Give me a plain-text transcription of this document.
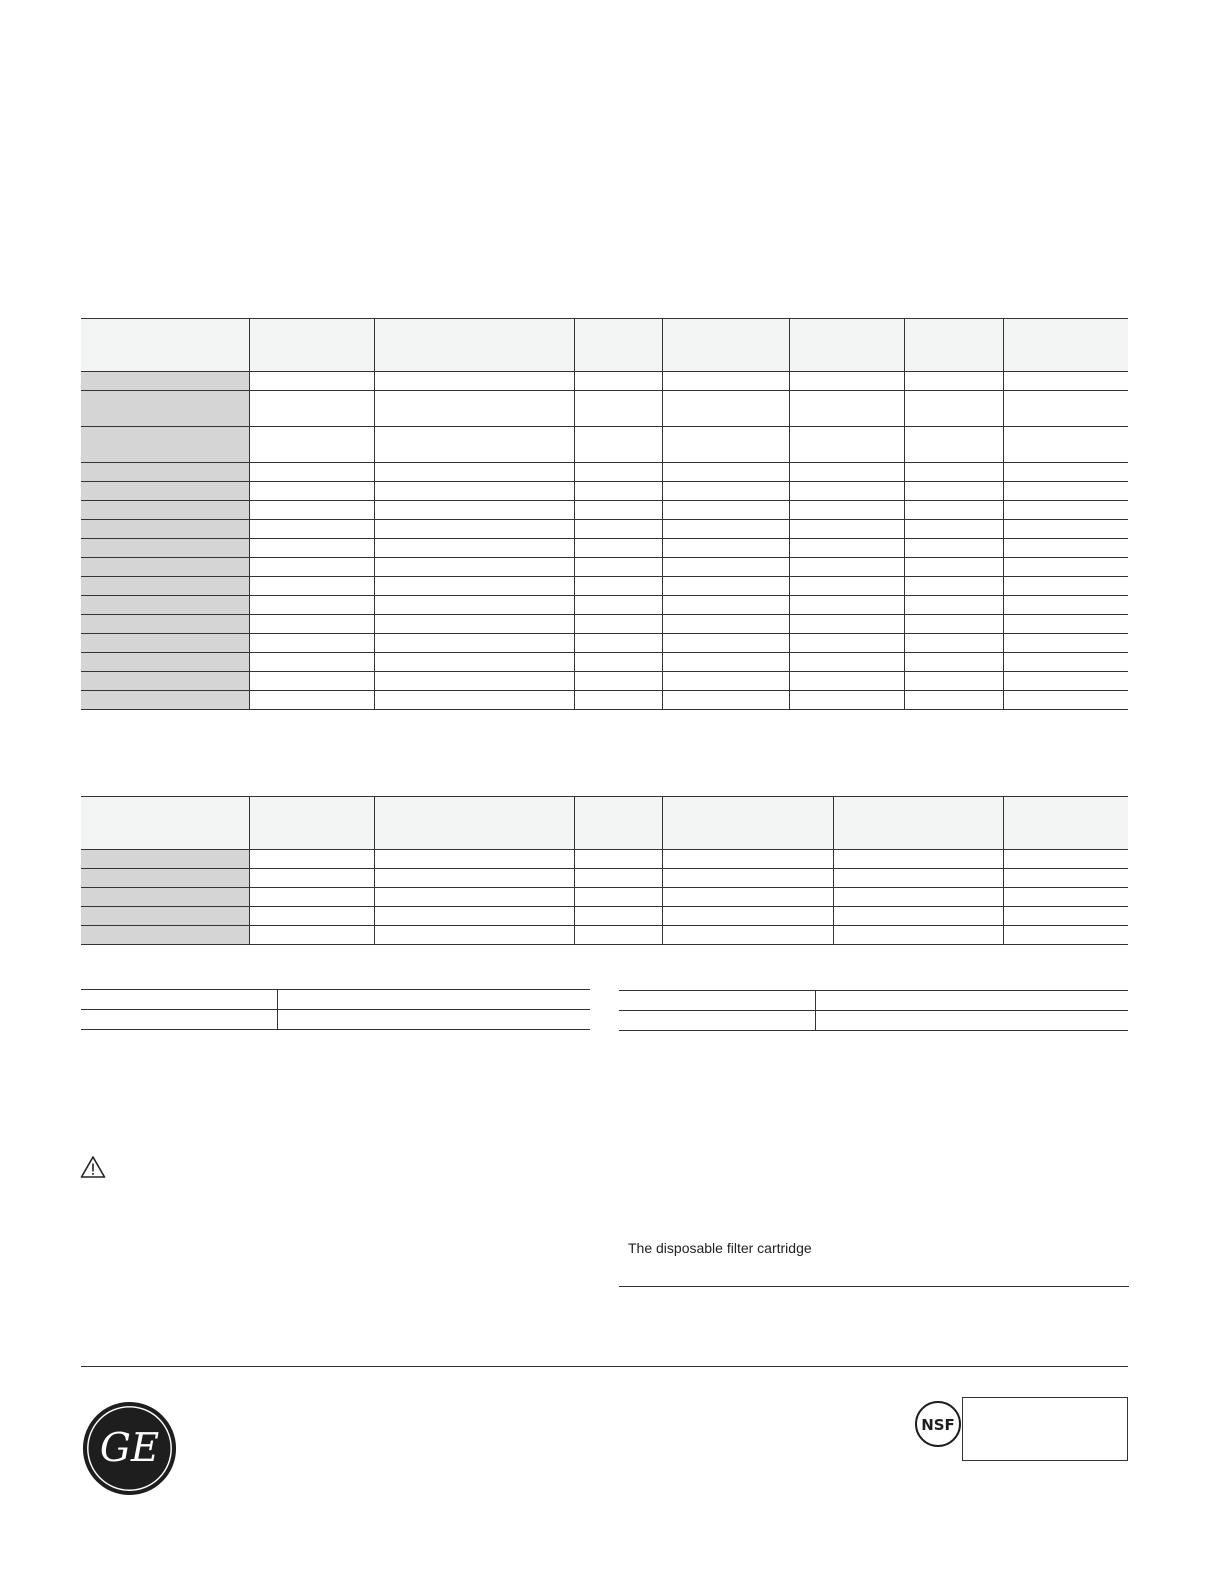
The disposable filter cartridge
GE
NSF
